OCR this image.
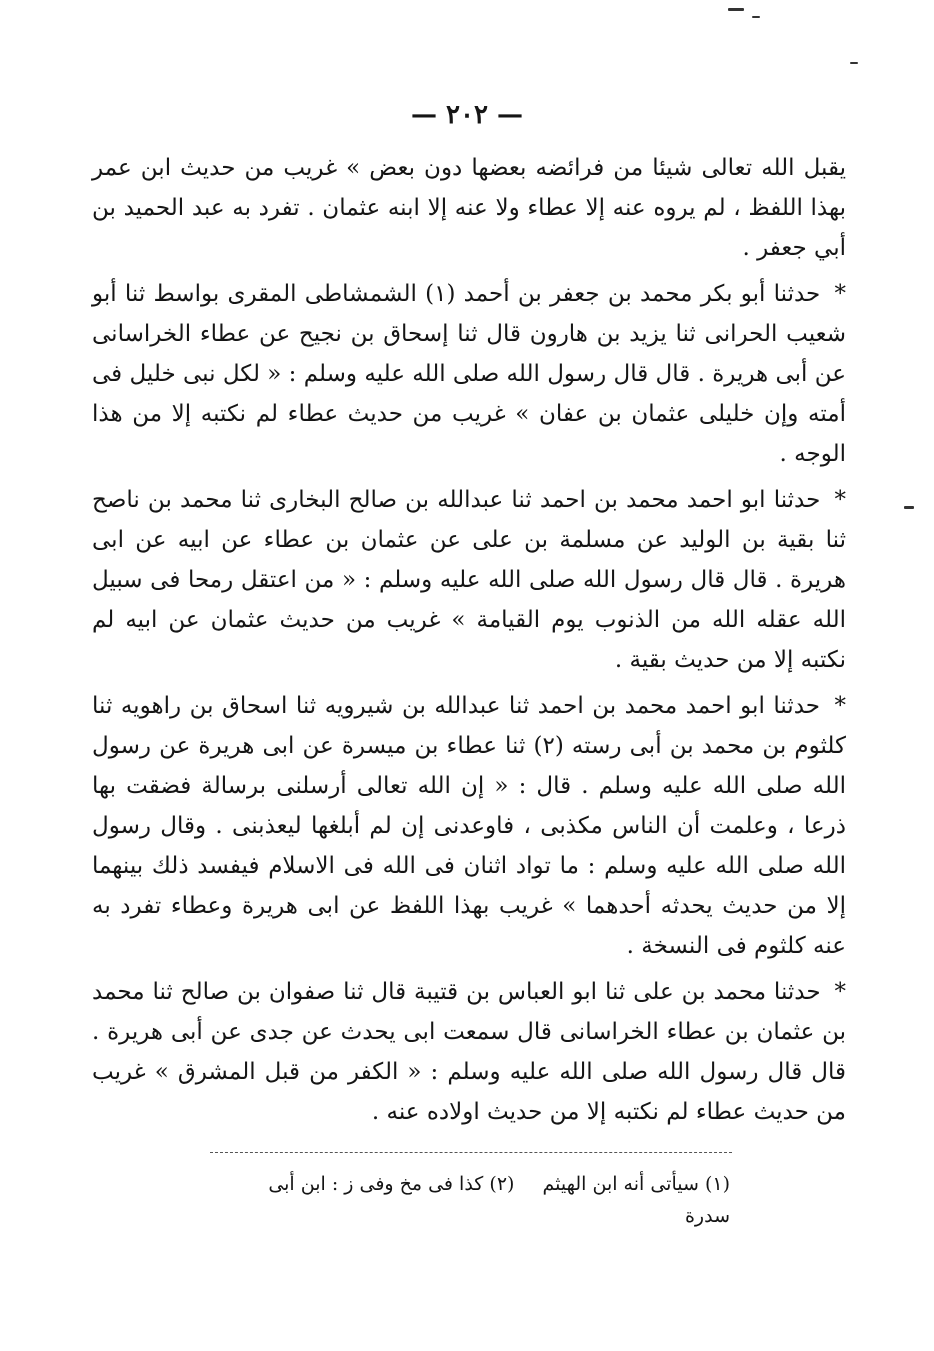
— ٢٠٢ —

يقبل الله تعالى شيئا من فرائضه بعضها دون بعض » غريب من حديث ابن عمر بهذا اللفظ ، لم يروه عنه إلا عطاء ولا عنه إلا ابنه عثمان . تفرد به عبد الحميد بن أبي جعفر .

* حدثنا أبو بكر محمد بن جعفر بن أحمد (١) الشمشاطى المقرى بواسط ثنا أبو شعيب الحرانى ثنا يزيد بن هارون قال ثنا إسحاق بن نجيح عن عطاء الخراسانى عن أبى هريرة . قال قال رسول الله صلى الله عليه وسلم : « لكل نبى خليل فى أمته وإن خليلى عثمان بن عفان » غريب من حديث عطاء لم نكتبه إلا من هذا الوجه .

* حدثنا ابو احمد محمد بن احمد ثنا عبدالله بن صالح البخارى ثنا محمد بن ناصح ثنا بقية بن الوليد عن مسلمة بن على عن عثمان بن عطاء عن ابيه عن ابى هريرة . قال قال رسول الله صلى الله عليه وسلم : « من اعتقل رمحا فى سبيل الله عقله الله من الذنوب يوم القيامة » غريب من حديث عثمان عن ابيه لم نكتبه إلا من حديث بقية .

* حدثنا ابو احمد محمد بن احمد ثنا عبدالله بن شيرويه ثنا اسحاق بن راهويه ثنا كلثوم بن محمد بن أبى رسته (٢) ثنا عطاء بن ميسرة عن ابى هريرة عن رسول الله صلى الله عليه وسلم . قال : « إن الله تعالى أرسلنى برسالة فضقت بها ذرعا ، وعلمت أن الناس مكذبى ، فاوعدنى إن لم أبلغها ليعذبنى . وقال رسول الله صلى الله عليه وسلم : ما تواد اثنان فى الله فى الاسلام فيفسد ذلك بينهما إلا من حديث يحدثه أحدهما » غريب بهذا اللفظ عن ابى هريرة وعطاء تفرد به عنه كلثوم فى النسخة .

* حدثنا محمد بن على ثنا ابو العباس بن قتيبة قال ثنا صفوان بن صالح ثنا محمد بن عثمان بن عطاء الخراسانى قال سمعت ابى يحدث عن جدى عن أبى هريرة . قال قال رسول الله صلى الله عليه وسلم : « الكفر من قبل المشرق » غريب من حديث عطاء لم نكتبه إلا من حديث اولاده عنه .

(١) سيأتى أنه ابن الهيثم (٢) كذا فى مخ وفى ز : ابن أبى سدرة
